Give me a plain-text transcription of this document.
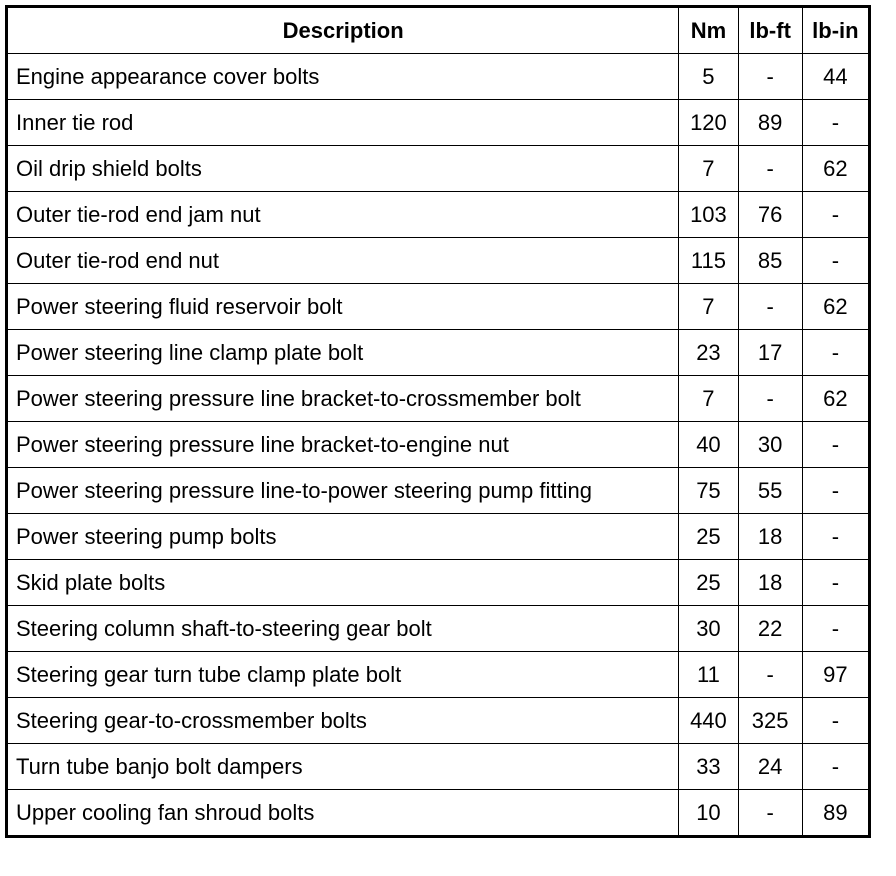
Description	Nm	lb-ft	lb-in
Engine appearance cover bolts	5	-	44
Inner tie rod	120	89	-
Oil drip shield bolts	7	-	62
Outer tie-rod end jam nut	103	76	-
Outer tie-rod end nut	115	85	-
Power steering fluid reservoir bolt	7	-	62
Power steering line clamp plate bolt	23	17	-
Power steering pressure line bracket-to-crossmember bolt	7	-	62
Power steering pressure line bracket-to-engine nut	40	30	-
Power steering pressure line-to-power steering pump fitting	75	55	-
Power steering pump bolts	25	18	-
Skid plate bolts	25	18	-
Steering column shaft-to-steering gear bolt	30	22	-
Steering gear turn tube clamp plate bolt	11	-	97
Steering gear-to-crossmember bolts	440	325	-
Turn tube banjo bolt dampers	33	24	-
Upper cooling fan shroud bolts	10	-	89
